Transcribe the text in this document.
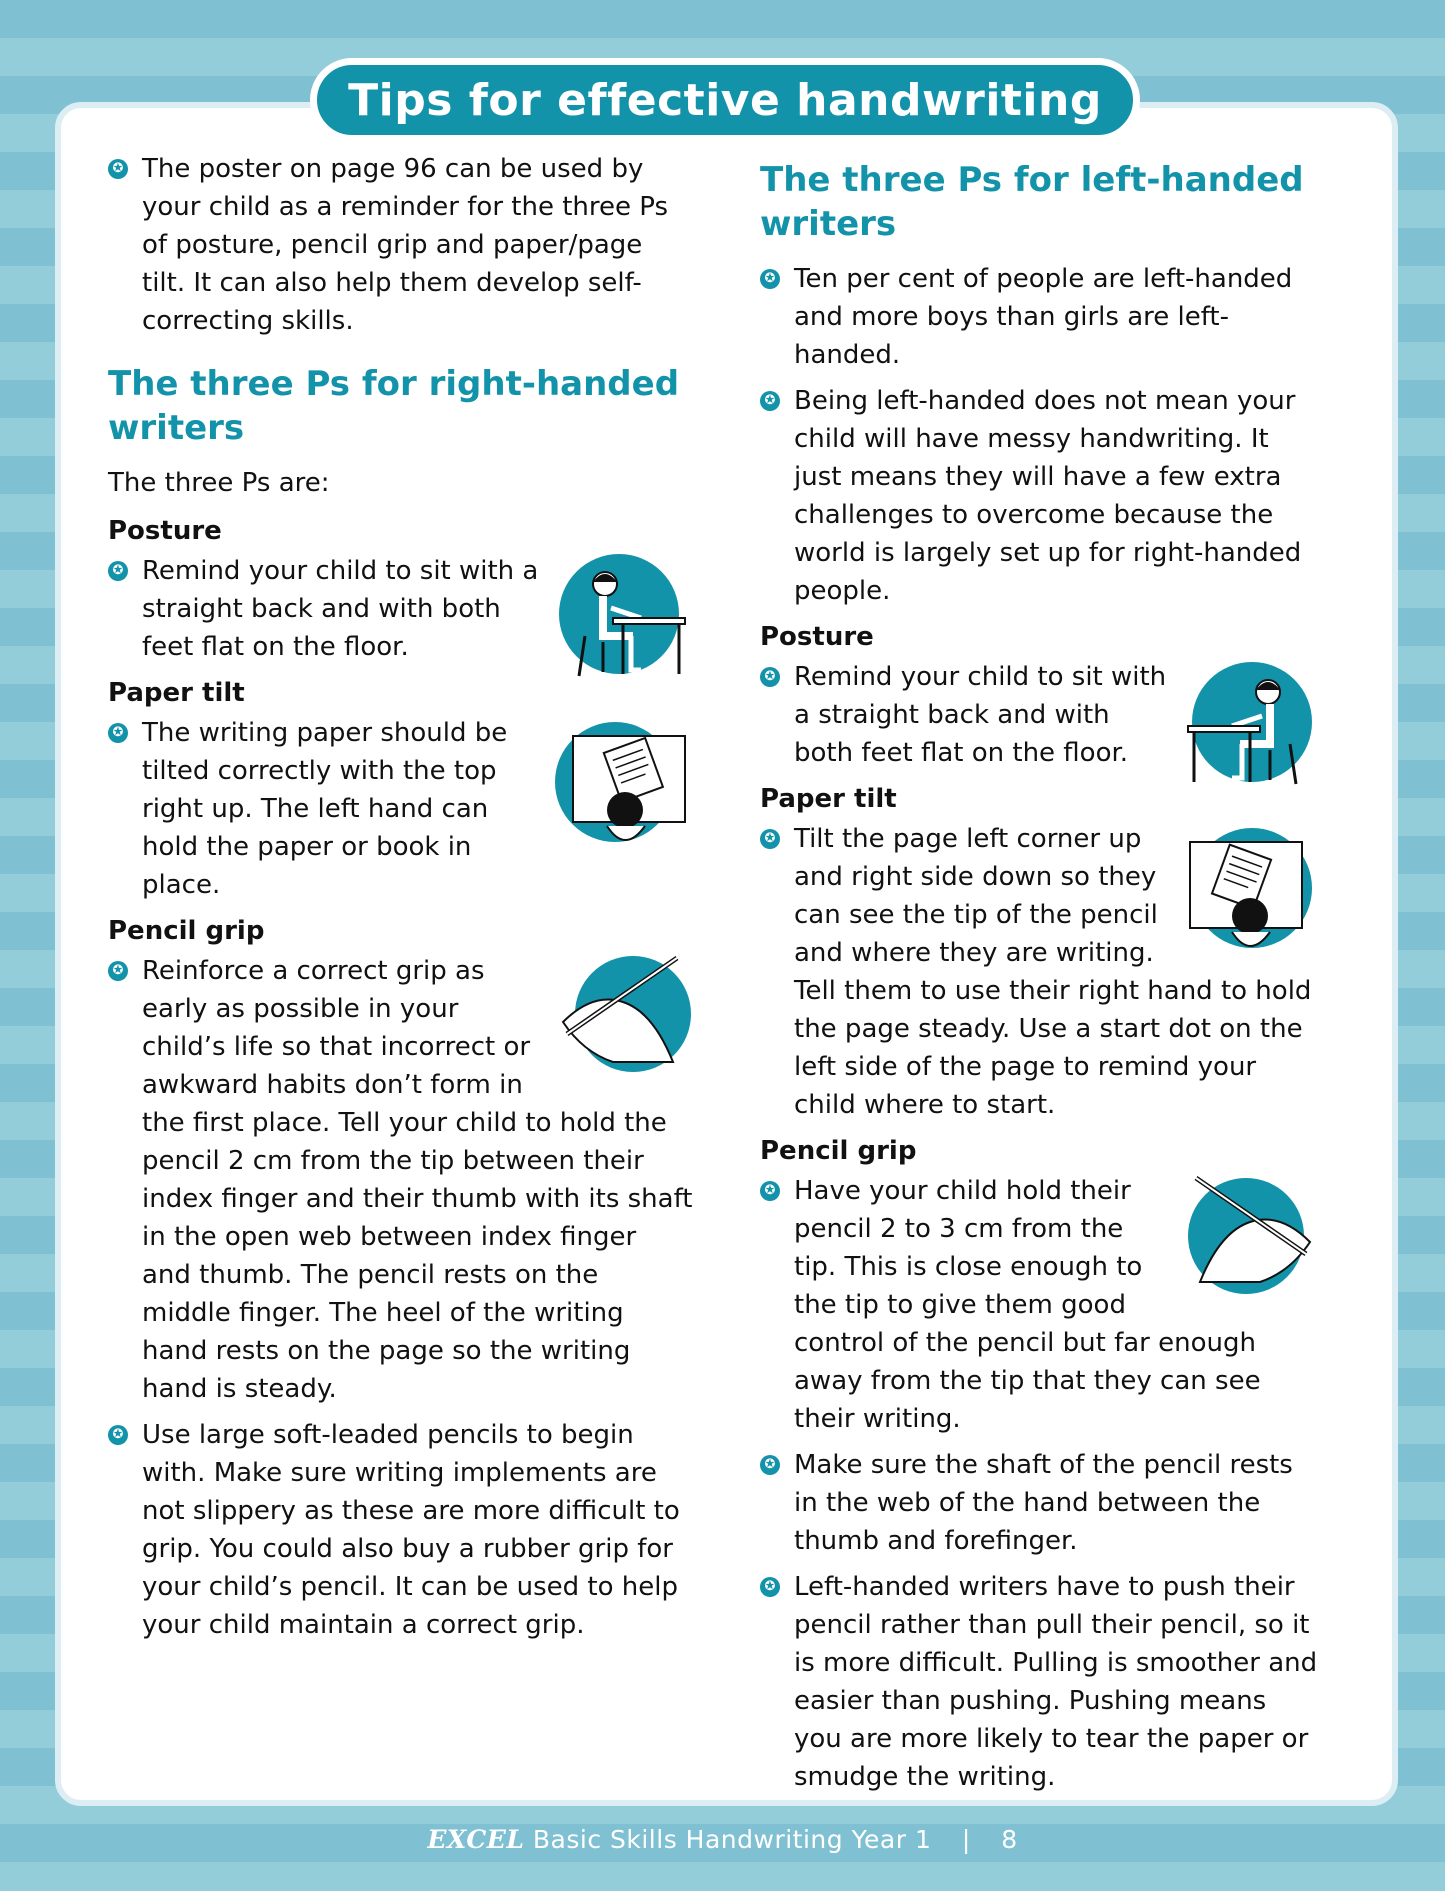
Tips for effective handwriting
✪ The poster on page 96 can be used by your child as a reminder for the three Ps of posture, pencil grip and paper/page tilt. It can also help them develop self-correcting skills.
The three Ps for right-handed writers

The three Ps are:

Posture
✪ Remind your child to sit with a straight back and with both feet flat on the floor.
Paper tilt
✪ The writing paper should be tilted correctly with the top right up. The left hand can hold the paper or book in place.
Pencil grip
✪ Reinforce a correct grip as early as possible in your child’s life so that incorrect or awkward habits don’t form in the first place. Tell your child to hold the pencil 2 cm from the tip between their index finger and their thumb with its shaft in the open web between index finger and thumb. The pencil rests on the middle finger. The heel of the writing hand rests on the page so the writing hand is steady.
✪ Use large soft-leaded pencils to begin with. Make sure writing implements are not slippery as these are more difficult to grip. You could also buy a rubber grip for your child’s pencil. It can be used to help your child maintain a correct grip.
The three Ps for left-handed writers
✪ Ten per cent of people are left-handed and more boys than girls are left-handed.
✪ Being left-handed does not mean your child will have messy handwriting. It just means they will have a few extra challenges to overcome because the world is largely set up for right-handed people.
Posture
✪ Remind your child to sit with a straight back and with both feet flat on the floor.
Paper tilt
✪ Tilt the page left corner up and right side down so they can see the tip of the pencil and where they are writing. Tell them to use their right hand to hold the page steady. Use a start dot on the left side of the page to remind your child where to start.
Pencil grip
✪ Have your child hold their pencil 2 to 3 cm from the tip. This is close enough to the tip to give them good control of the pencil but far enough away from the tip that they can see their writing.
✪ Make sure the shaft of the pencil rests in the web of the hand between the thumb and forefinger.
✪ Left-handed writers have to push their pencil rather than pull their pencil, so it is more difficult. Pulling is smoother and easier than pushing. Pushing means you are more likely to tear the paper or smudge the writing.
EXCEL Basic Skills Handwriting Year 1 | 8
